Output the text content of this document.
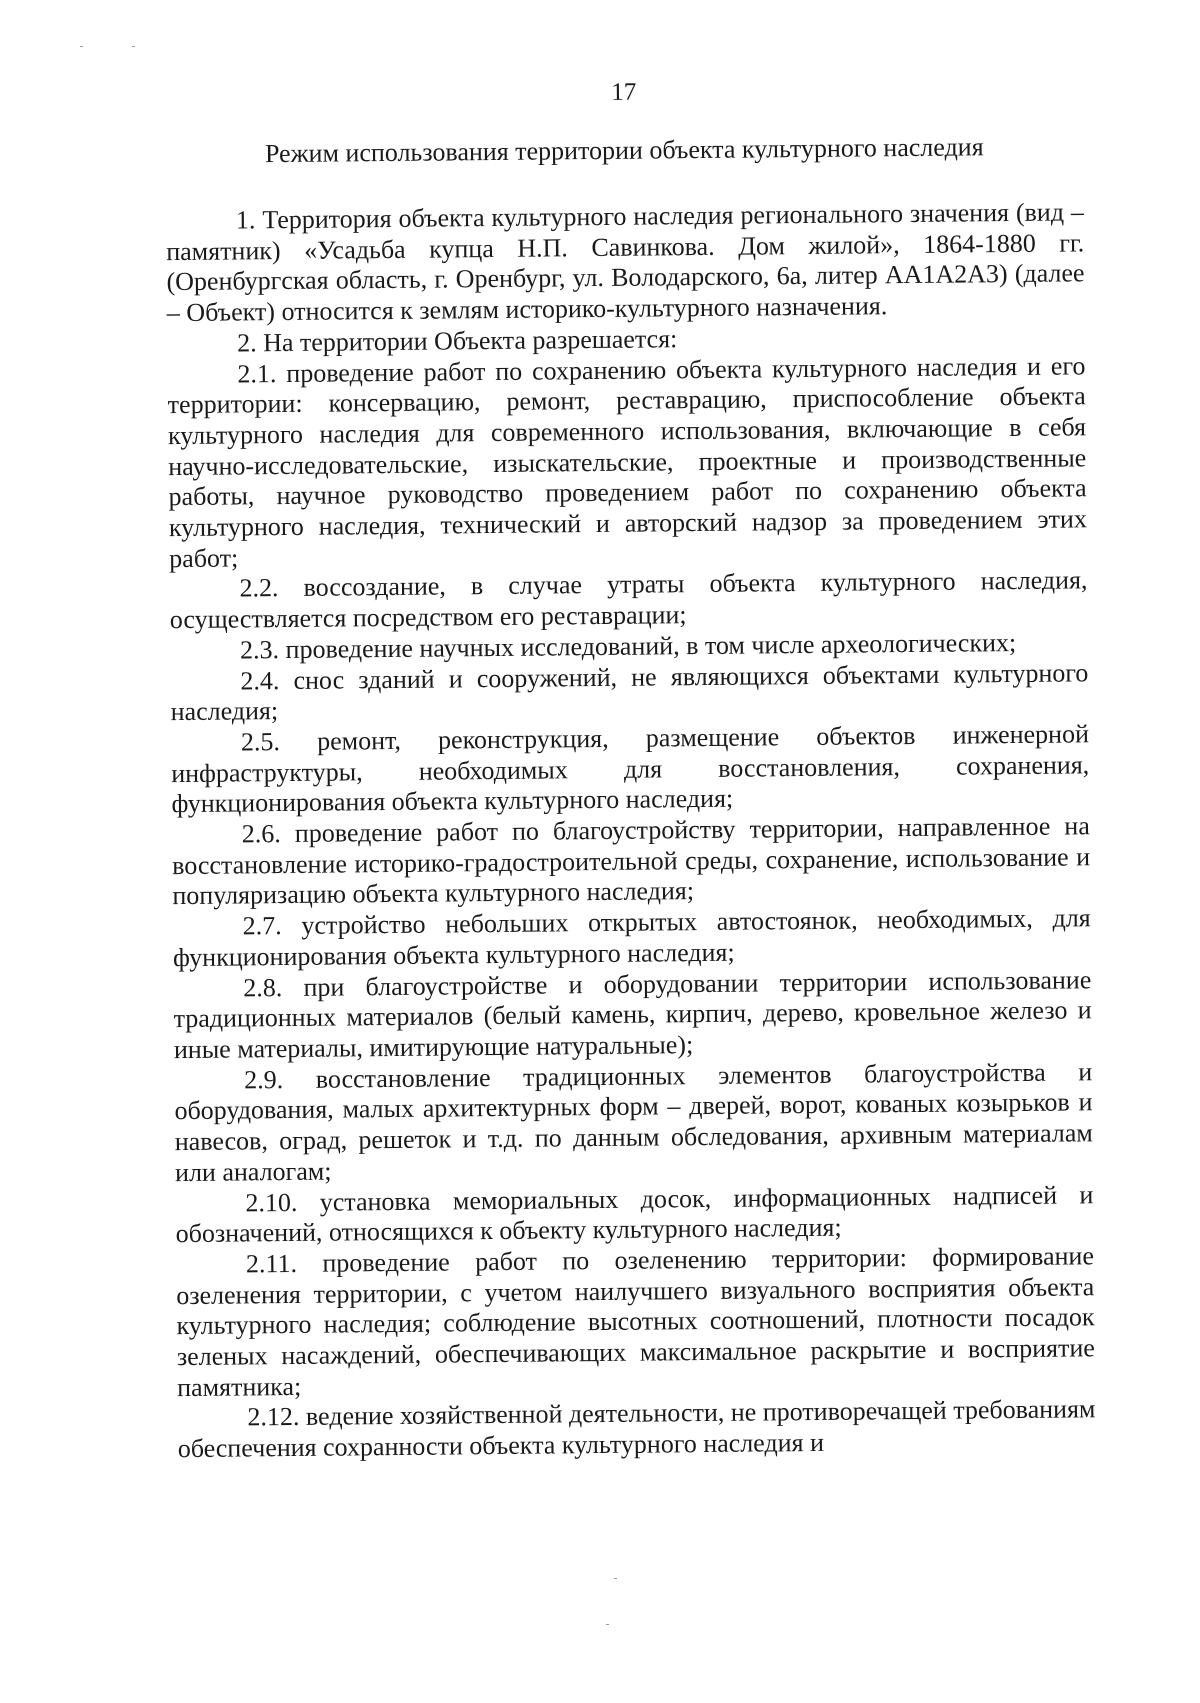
17
Режим использования территории объекта культурного наследия

1. Территория объекта культурного наследия регионального значения (вид – памятник) «Усадьба купца Н.П. Савинкова. Дом жилой», 1864-1880 гг. (Оренбургская область, г. Оренбург, ул. Володарского, 6а, литер АА1А2А3) (далее – Объект) относится к землям историко-культурного назначения.

2. На территории Объекта разрешается:

2.1. проведение работ по сохранению объекта культурного наследия и его территории: консервацию, ремонт, реставрацию, приспособление объекта культурного наследия для современного использования, включающие в себя научно-исследовательские, изыскательские, проектные и производственные работы, научное руководство проведением работ по сохранению объекта культурного наследия, технический и авторский надзор за проведением этих работ;

2.2. воссоздание, в случае утраты объекта культурного наследия, осуществляется посредством его реставрации;

2.3. проведение научных исследований, в том числе археологических;

2.4. снос зданий и сооружений, не являющихся объектами культурного наследия;

2.5. ремонт, реконструкция, размещение объектов инженерной инфраструктуры, необходимых для восстановления, сохранения, функционирования объекта культурного наследия;

2.6. проведение работ по благоустройству территории, направленное на восстановление историко-градостроительной среды, сохранение, использование и популяризацию объекта культурного наследия;

2.7. устройство небольших открытых автостоянок, необходимых, для функционирования объекта культурного наследия;

2.8. при благоустройстве и оборудовании территории использование традиционных материалов (белый камень, кирпич, дерево, кровельное железо и иные материалы, имитирующие натуральные);

2.9. восстановление традиционных элементов благоустройства и оборудования, малых архитектурных форм – дверей, ворот, кованых козырьков и навесов, оград, решеток и т.д. по данным обследования, архивным материалам или аналогам;

2.10. установка мемориальных досок, информационных надписей и обозначений, относящихся к объекту культурного наследия;

2.11. проведение работ по озеленению территории: формирование озеленения территории, с учетом наилучшего визуального восприятия объекта культурного наследия; соблюдение высотных соотношений, плотности посадок зеленых насаждений, обеспечивающих максимальное раскрытие и восприятие памятника;

2.12. ведение хозяйственной деятельности, не противоречащей требованиям обеспечения сохранности объекта культурного наследия и
